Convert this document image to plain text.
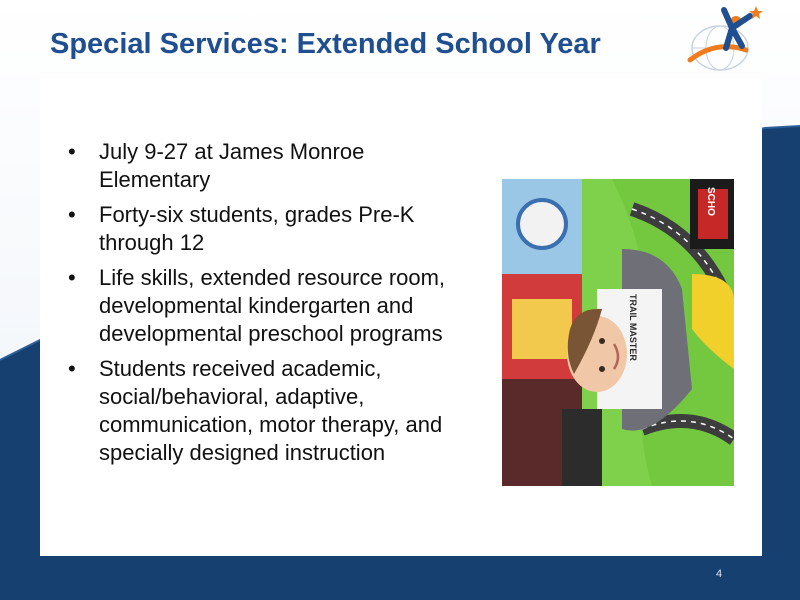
Special Services: Extended School Year
• July 9-27 at James Monroe Elementary
• Forty-six students, grades Pre-K through 12
• Life skills, extended resource room, developmental kindergarten and developmental preschool programs
• Students received academic, social/behavioral, adaptive, communication, motor therapy, and specially designed instruction
TRAIL MASTER
SCHO
4
